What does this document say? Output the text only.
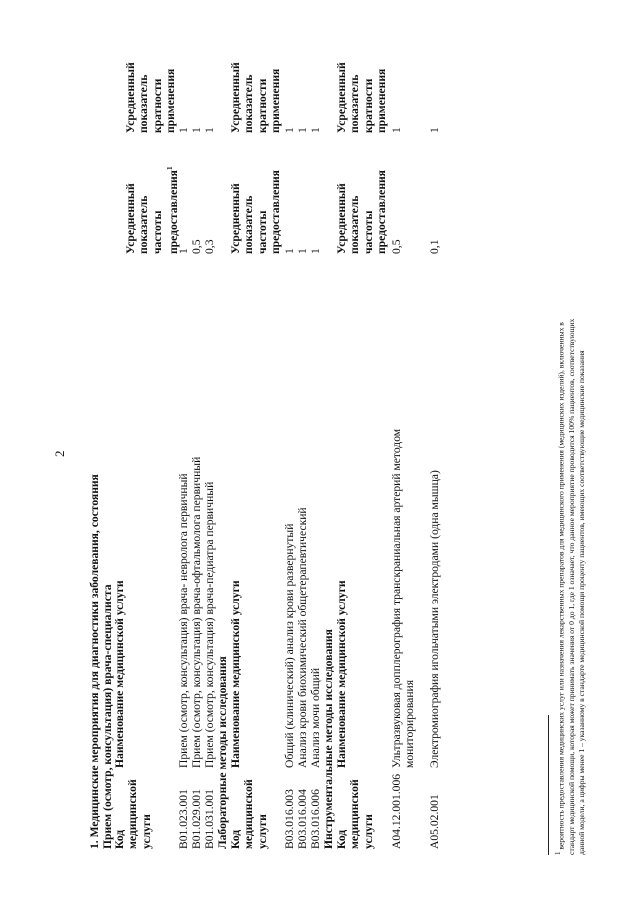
2
1. Медицинские мероприятия для диагностики заболевания, состояния Прием (осмотр, консультация) врача-специалиста Код медицинской услуги
Наименование медицинской услуги
Усредненный показатель частоты предоставления$^1$
Усредненный показатель кратности применения
B01.023.001
Прием (осмотр, консультация) врача- невролога первичный
1
1
B01.029.001
Прием (осмотр, консультация) врача-офтальмолога первичный
0,5
1
B01.031.001
Прием (осмотр, консультация) врача-педиатра первичный
0,3
1
Лабораторные методы исследования Код медицинской услуги
Наименование медицинской услуги
Усредненный показатель частоты предоставления
Усредненный показатель кратности применения
B03.016.003
Общий (клинический) анализ крови развернутый
1
1
B03.016.004
Анализ крови биохимический общетерапевтический
1
1
B03.016.006
Анализ мочи общий
1
1
Инструментальные методы исследования Код медицинской услуги
Наименование медицинской услуги
Усредненный показатель частоты предоставления
Усредненный показатель кратности применения
A04.12.001.006
Ультразвуковая допплерография транскраниальная артерий методом мониторирования
0,5
1
A05.02.001
Электромиография игольчатыми электродами (одна мышца)
0,1
1
$^1$ вероятность предоставления медицинских услуг или назначения лекарственных препаратов для медицинского применения (медицинских изделий), включенных в стандарт медицинской помощи, которая может принимать значения от 0 до 1, где 1 означает, что данное мероприятие проводится 100% пациентов, соответствующих данной модели, а цифры менее 1 – указанному в стандарте медицинской помощи проценту пациентов, имеющих соответствующие медицинские показания
